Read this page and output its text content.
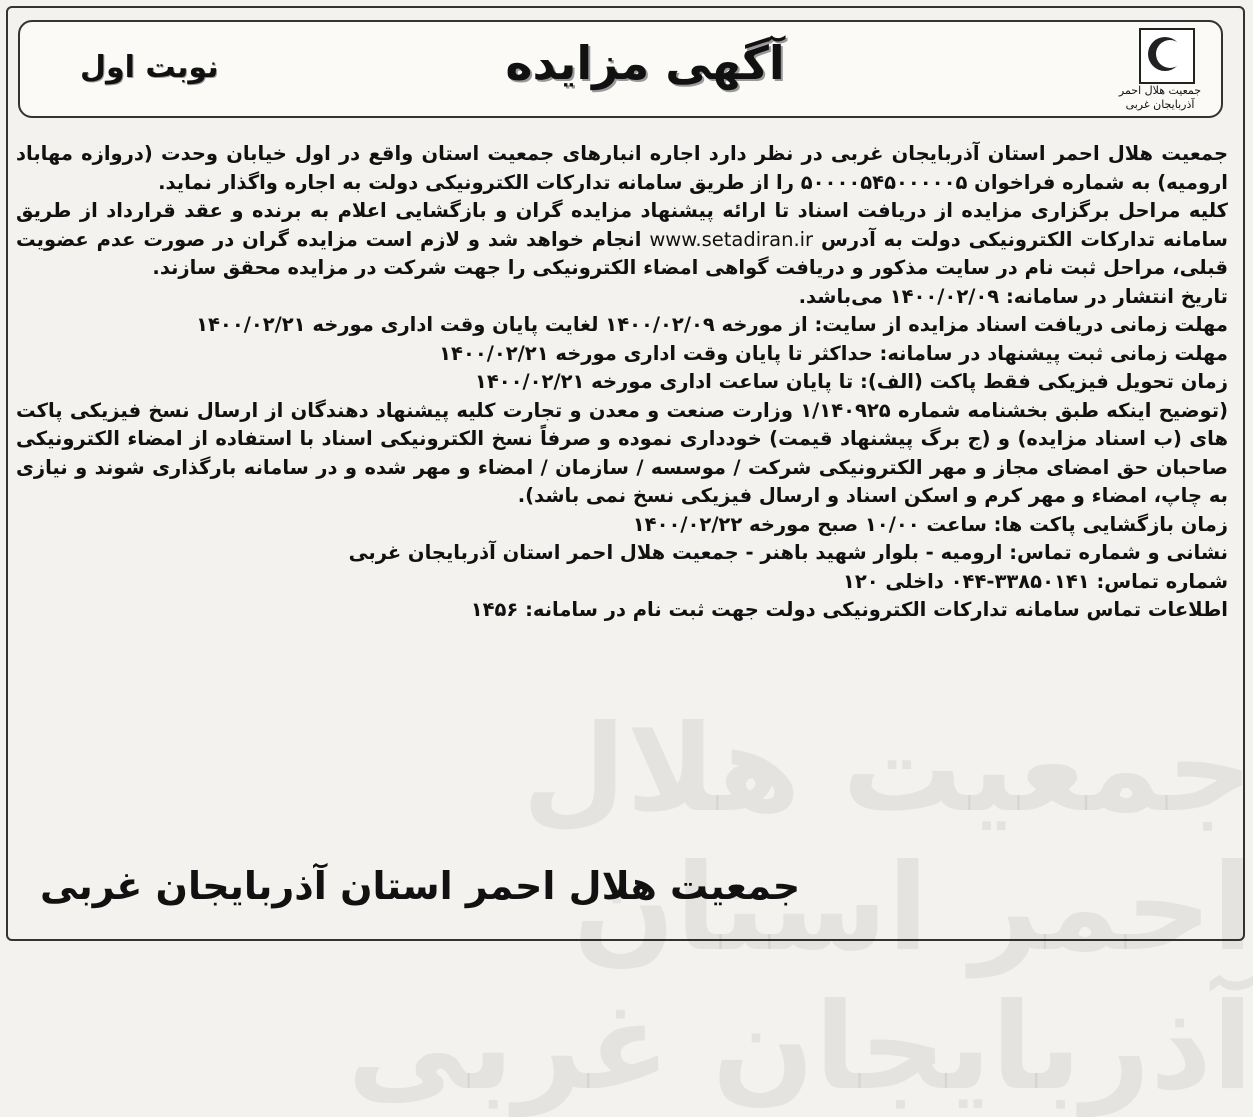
جمعیت هلال احمر
آذربایجان غربی
آگهی مزایده
نوبت اول
جمعیت هلال احمر استان آذربایجان غربی

جمعیت هلال احمر استان آذربایجان غربی در نظر دارد اجاره انبارهای جمعیت استان واقع در اول خیابان وحدت (دروازه مهاباد ارومیه) به شماره فراخوان ۵۰۰۰۰۵۴۵۰۰۰۰۰۵ را از طریق سامانه تدارکات الکترونیکی دولت به اجاره واگذار نماید.

کلیه مراحل برگزاری مزایده از دریافت اسناد تا ارائه پیشنهاد مزایده گران و بازگشایی اعلام به برنده و عقد قرارداد از طریق سامانه تدارکات الکترونیکی دولت به آدرس www.setadiran.ir انجام خواهد شد و لازم است مزایده گران در صورت عدم عضویت قبلی، مراحل ثبت نام در سایت مذکور و دریافت گواهی امضاء الکترونیکی را جهت شرکت در مزایده محقق سازند.

تاریخ انتشار در سامانه: ۱۴۰۰/۰۲/۰۹ می‌باشد.

مهلت زمانی دریافت اسناد مزایده از سایت: از مورخه ۱۴۰۰/۰۲/۰۹ لغایت پایان وقت اداری مورخه ۱۴۰۰/۰۲/۲۱

مهلت زمانی ثبت پیشنهاد در سامانه: حداکثر تا پایان وقت اداری مورخه ۱۴۰۰/۰۲/۲۱

زمان تحویل فیزیکی فقط پاکت (الف): تا پایان ساعت اداری مورخه ۱۴۰۰/۰۲/۲۱

(توضیح اینکه طبق بخشنامه شماره ۱/۱۴۰۹۲۵ وزارت صنعت و معدن و تجارت کلیه پیشنهاد دهندگان از ارسال نسخ فیزیکی پاکت های (ب اسناد مزایده) و (ج برگ پیشنهاد قیمت) خودداری نموده و صرفاً نسخ الکترونیکی اسناد با استفاده از امضاء الکترونیکی صاحبان حق امضای مجاز و مهر الکترونیکی شرکت / موسسه / سازمان / امضاء و مهر شده و در سامانه بارگذاری شوند و نیازی به چاپ، امضاء و مهر کرم و اسکن اسناد و ارسال فیزیکی نسخ نمی باشد).

زمان بازگشایی پاکت ها: ساعت ۱۰/۰۰ صبح مورخه ۱۴۰۰/۰۲/۲۲

نشانی و شماره تماس: ارومیه - بلوار شهید باهنر - جمعیت هلال احمر استان آذربایجان غربی

شماره تماس: ۳۳۸۵۰۱۴۱-۰۴۴ داخلی ۱۲۰

اطلاعات تماس سامانه تدارکات الکترونیکی دولت جهت ثبت نام در سامانه: ۱۴۵۶

جمعیت هلال احمر استان آذربایجان غربی
